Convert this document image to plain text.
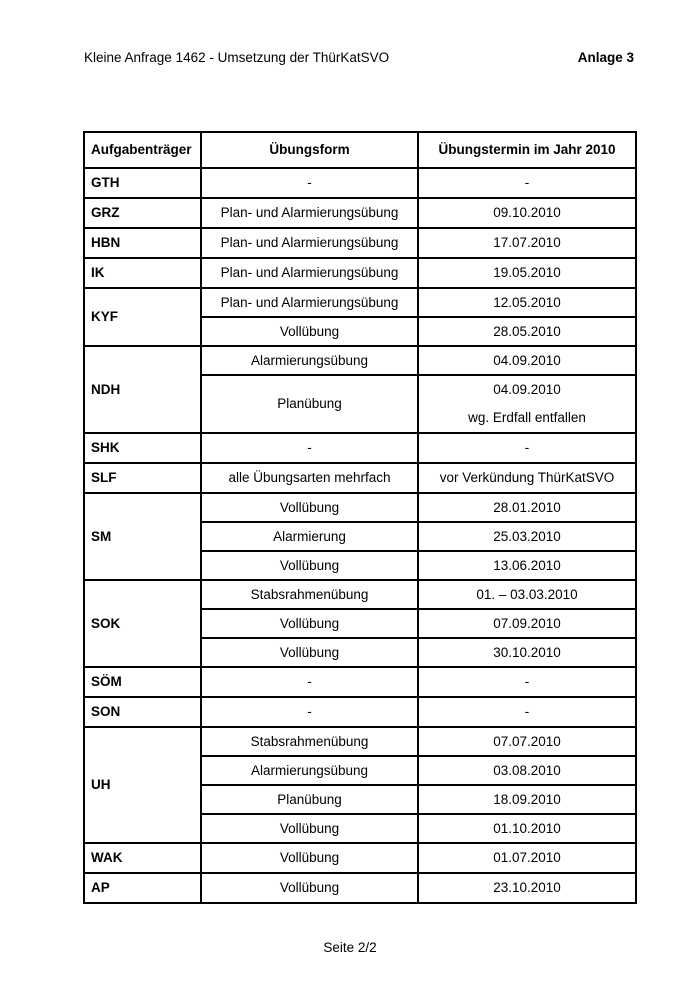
Kleine Anfrage 1462 - Umsetzung der ThürKatSVO	Anlage 3
Aufgabenträger	Übungsform	Übungstermin im Jahr 2010
GTH	-	-
GRZ	Plan- und Alarmierungsübung	09.10.2010
HBN	Plan- und Alarmierungsübung	17.07.2010
IK	Plan- und Alarmierungsübung	19.05.2010
KYF	Plan- und Alarmierungsübung	12.05.2010
	Vollübung	28.05.2010
NDH	Alarmierungsübung	04.09.2010
	Planübung	04.09.2010
wg. Erdfall entfallen

SHK	-	-
SLF	alle Übungsarten mehrfach	vor Verkündung ThürKatSVO
SM	Vollübung	28.01.2010
	Alarmierung	25.03.2010
	Vollübung	13.06.2010
SOK	Stabsrahmenübung	01. – 03.03.2010
	Vollübung	07.09.2010
	Vollübung	30.10.2010
SÖM	-	-
SON	-	-
UH	Stabsrahmenübung	07.07.2010
	Alarmierungsübung	03.08.2010
	Planübung	18.09.2010
	Vollübung	01.10.2010
WAK	Vollübung	01.07.2010
AP	Vollübung	23.10.2010
Seite 2/2
